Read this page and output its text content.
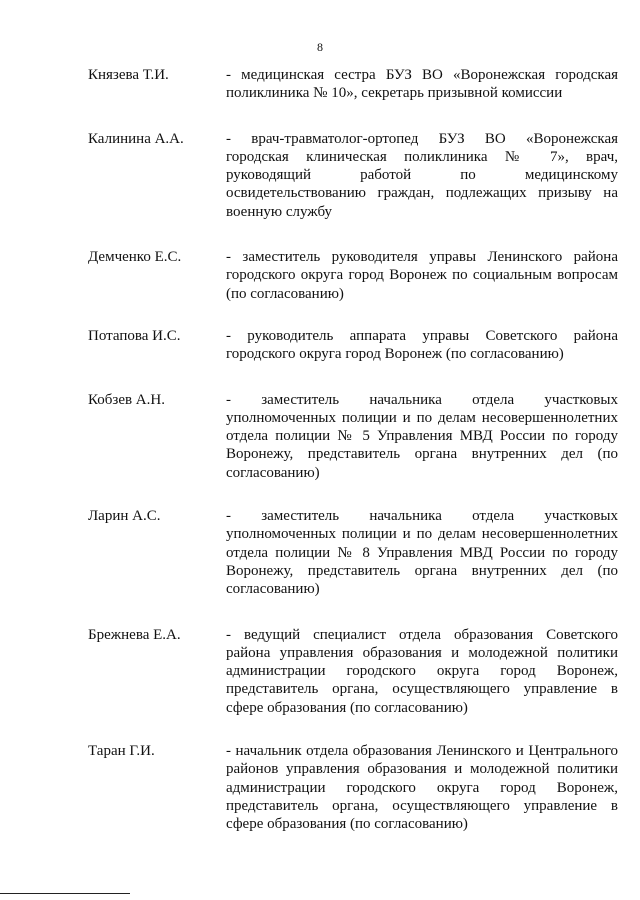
8
Князева Т.И.	- медицинская сестра БУЗ ВО «Воронежская городская поликлиника № 10», секретарь призывной комиссии

Калинина А.А.	- врач-травматолог-ортопед БУЗ ВО «Воронежская городская клиническая поликлиника № 7», врач, руководящий работой по медицинскому освидетельствованию граждан, подлежащих призыву на военную службу

Демченко Е.С.	- заместитель руководителя управы Ленинского района городского округа город Воронеж по социальным вопросам (по согласованию)

Потапова И.С.	- руководитель аппарата управы Советского района городского округа город Воронеж (по согласованию)

Кобзев А.Н.	- заместитель начальника отдела участковых уполномоченных полиции и по делам несовершеннолетних отдела полиции № 5 Управления МВД России по городу Воронежу, представитель органа внутренних дел (по согласованию)

Ларин А.С.	- заместитель начальника отдела участковых уполномоченных полиции и по делам несовершеннолетних отдела полиции № 8 Управления МВД России по городу Воронежу, представитель органа внутренних дел (по согласованию)

Брежнева Е.А.	- ведущий специалист отдела образования Советского района управления образования и молодежной политики администрации городского округа город Воронеж, представитель органа, осуществляющего управление в сфере образования (по согласованию)

Таран Г.И.	- начальник отдела образования Ленинского и Центрального районов управления образования и молодежной политики администрации городского округа город Воронеж, представитель органа, осуществляющего управление в сфере образования (по согласованию)
